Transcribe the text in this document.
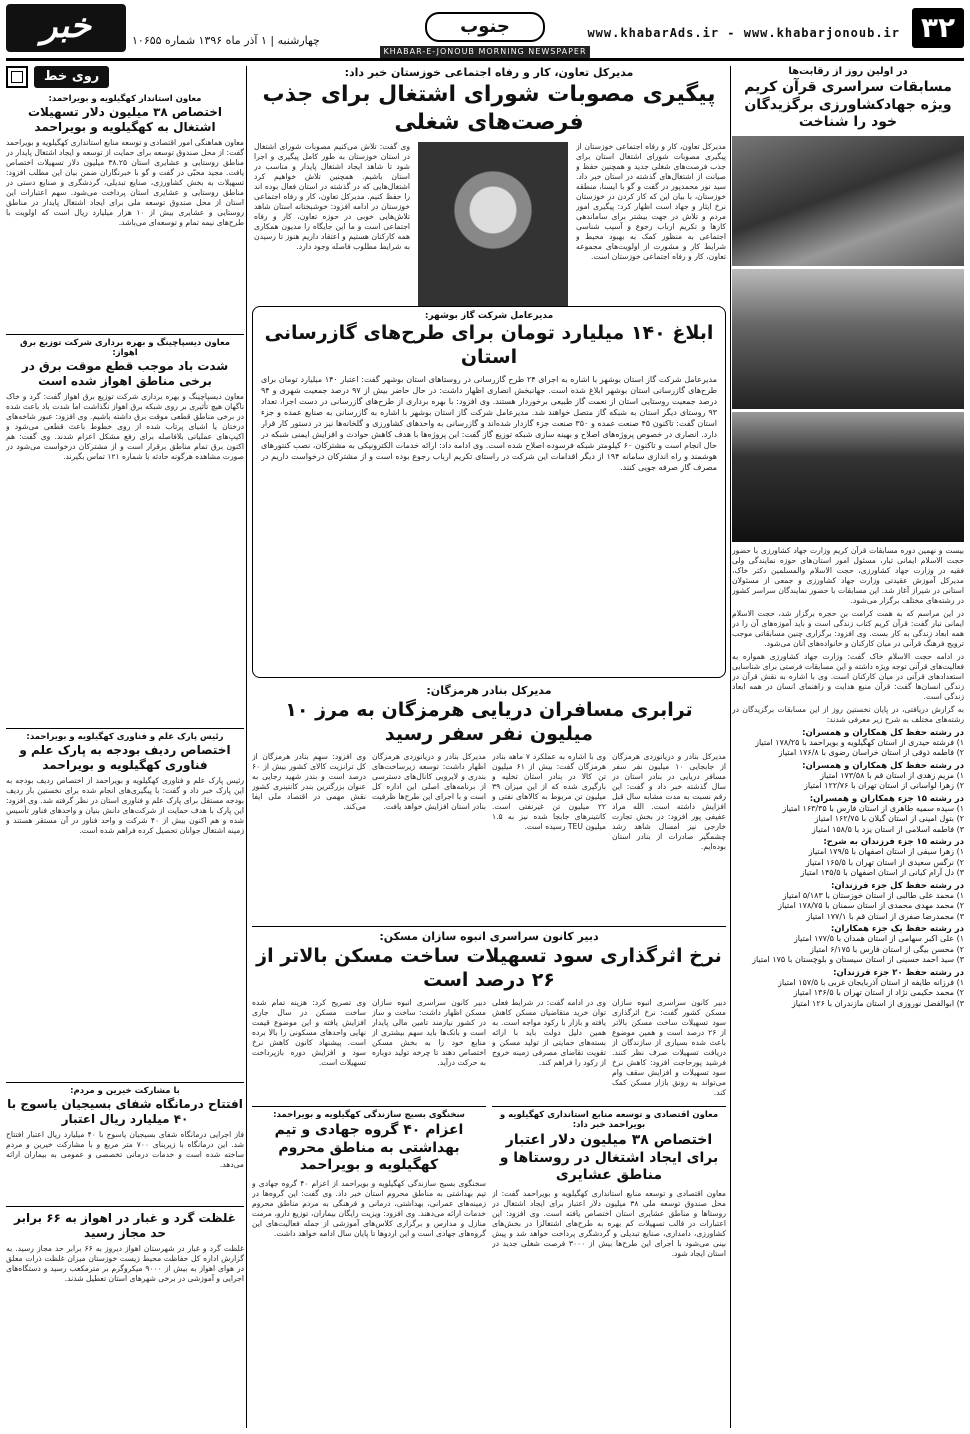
۳۲
www.khabarAds.ir - www.khabarjonoub.ir
جنوب
چهارشنبه | ۱ آذر ماه ۱۳۹۶ شماره ۱۰۶۵۵
خبر
KHABAR-E-JONOUB MORNING NEWSPAPER
در اولین روز از رقابت‌ها
مسابقات سراسری قرآن کریم ویژه جهادکشاورزی برگزیدگان خود را شناخت

بیست و نهمین دوره مسابقات قرآن کریم وزارت جهاد کشاورزی با حضور حجت الاسلام ایمانی تبار، مسئول امور استان‌های حوزه نمایندگی ولی فقیه در وزارت جهاد کشاورزی، حجت الاسلام والمسلمین دکتر خاک، مدیرکل آموزش عقیدتی وزارت جهاد کشاورزی و جمعی از مسئولان استانی در شیراز آغاز شد. این مسابقات با حضور نمایندگان سراسر کشور در رشته‌های مختلف برگزار می‌شود.

در این مراسم که به همت کرامت بن حجره برگزار شد، حجت الاسلام ایمانی تبار گفت: قرآن کریم کتاب زندگی است و باید آموزه‌های آن را در همه ابعاد زندگی به کار بست. وی افزود: برگزاری چنین مسابقاتی موجب ترویج فرهنگ قرآنی در میان کارکنان و خانواده‌های آنان می‌شود.

در ادامه حجت الاسلام خاک گفت: وزارت جهاد کشاورزی همواره به فعالیت‌های قرآنی توجه ویژه داشته و این مسابقات فرصتی برای شناسایی استعدادهای قرآنی در میان کارکنان است. وی با اشاره به نقش قرآن در زندگی انسان‌ها گفت: قرآن منبع هدایت و راهنمای انسان در همه ابعاد زندگی است.

به گزارش دریافتی، در پایان نخستین روز از این مسابقات برگزیدگان در رشته‌های مختلف به شرح زیر معرفی شدند:

در رشته حفظ کل همکاران و همسران:
۱) فرشته حیدری از استان کهگیلویه و بویراحمد با ۱۷۸/۲۵ امتیاز
۲) فاطمه ذوقی از استان خراسان رضوی با ۱۷۶/۸ امتیاز
در رشته حفظ کل همکاران و همسران:
۱) مریم زهدی از استان قم با ۱۷۳/۵۸ امتیاز
۲) زهرا لواسانی از استان تهران با ۱۲۲/۷۶ امتیاز
در رشته ۱۵ جزء همکاران و همسران:
۱) سیده سمیه طاهری از استان فارس با ۱۶۳/۳۵ امتیاز
۲) بتول امینی از استان گیلان با ۱۶۲/۷۵ امتیاز
۳) فاطمه اسلامی از استان یزد با ۱۵۸/۵ امتیاز
در رشته ۱۵ جزء فرزندان به شرح:
۱) زهرا سیفی از استان اصفهان با ۱۷۹/۵ امتیاز
۲) نرگس سعیدی از استان تهران با ۱۶۵/۵ امتیاز
۳) دل آرام کیانی از استان اصفهان با ۱۴۵/۵ امتیاز
در رشته حفظ کل جزء فرزندان:
۱) محمد علی طالبی از استان خوزستان با ۵/۱۸۳ امتیاز
۲) محمد مهدی محمدی از استان سمنان با ۱۷۸/۷۵ امتیاز
۳) محمدرضا صفری از استان قم با ۱۷۷/۱ امتیاز
در رشته حفظ یک جزء همکاران:
۱) علی اکبر سهامی از استان همدان با ۱۷۷/۵ امتیاز
۲) محسن بیگی از استان فارس با ۶/۱۷۵ امتیاز
۳) سید احمد حسینی از استان سیستان و بلوچستان با ۱۷۵ امتیاز
در رشته حفظ ۲۰ جزء فرزندان:
۱) فرزانه طایفه از استان آذربایجان غربی با ۱۵۷/۵ امتیاز
۲) محمد حکیمی نژاد از استان تهران با ۱۳۶/۵ امتیاز
۳) ابوالفضل نوروزی از استان مازندران با ۱۲۶ امتیاز
مدیرکل تعاون، کار و رفاه اجتماعی خوزستان خبر داد:
پیگیری مصوبات شورای اشتغال برای جذب فرصت‌های شغلی
مدیرکل تعاون، کار و رفاه اجتماعی خوزستان از پیگیری مصوبات شورای اشتغال استان برای جذب فرصت‌های شغلی جدید و همچنین حفظ و صیانت از اشتغال‌های گذشته در استان خبر داد. سید نور محمدپور در گفت و گو با ایسنا، منطقه خوزستان، با بیان این که کار کردن در خوزستان نرخ ایثار و جهاد است اظهار کرد: پیگیری امور مردم و تلاش در جهت بیشتر برای ساماندهی کارها و تکریم ارباب رجوع و آسیب شناسی اجتماعی به منظور کمک به بهبود محیط و شرایط کار و مشورت از اولویت‌های مجموعه تعاون، کار و رفاه اجتماعی خوزستان است.
وی گفت: تلاش می‌کنیم مصوبات شورای اشتغال در استان خوزستان به طور کامل پیگیری و اجرا شود تا شاهد ایجاد اشتغال پایدار و مناسب در استان باشیم. همچنین تلاش خواهیم کرد اشتغال‌هایی که در گذشته در استان فعال بوده اند را حفظ کنیم. مدیرکل تعاون، کار و رفاه اجتماعی خوزستان در ادامه افزود: خوشبختانه استان شاهد تلاش‌هایی خوبی در حوزه تعاون، کار و رفاه اجتماعی است و ما این جایگاه را مدیون همکاری همه کارکنان هستیم و اعتقاد داریم هنوز تا رسیدن به شرایط مطلوب فاصله وجود دارد.
مدیرعامل شرکت گاز بوشهر:
ابلاغ ۱۴۰ میلیارد تومان برای طرح‌های گازرسانی استان
مدیرعامل شرکت گاز استان بوشهر با اشاره به اجرای ۲۴ طرح گازرسانی در روستاهای استان بوشهر گفت: اعتبار ۱۴۰ میلیارد تومان برای طرح‌های گازرسانی استان بوشهر ابلاغ شده است. جهانبخش انصاری اظهار داشت: در حال حاضر بیش از ۹۷ درصد جمعیت شهری و ۹۴ درصد جمعیت روستایی استان از نعمت گاز طبیعی برخوردار هستند. وی افزود: با بهره برداری از طرح‌های گازرسانی در دست اجرا، تعداد ۹۳ روستای دیگر استان به شبکه گاز متصل خواهند شد. مدیرعامل شرکت گاز استان بوشهر با اشاره به گازرسانی به صنایع عمده و جزء استان گفت: تاکنون ۴۵ صنعت عمده و ۳۵۰ صنعت جزء گازدار شده‌اند و گازرسانی به واحدهای کشاورزی و گلخانه‌ها نیز در دستور کار قرار دارد. انصاری در خصوص پروژه‌های اصلاح و بهینه سازی شبکه توزیع گاز گفت: این پروژه‌ها با هدف کاهش حوادث و افزایش ایمنی شبکه در حال انجام است و تاکنون ۶۰ کیلومتر شبکه فرسوده اصلاح شده است. وی ادامه داد: ارائه خدمات الکترونیکی به مشترکان، نصب کنتورهای هوشمند و راه اندازی سامانه ۱۹۴ از دیگر اقدامات این شرکت در راستای تکریم ارباب رجوع بوده است و از مشترکان درخواست داریم در مصرف گاز صرفه جویی کنند.
مدیرکل بنادر هرمزگان:
ترابری مسافران دریایی هرمزگان به مرز ۱۰ میلیون نفر سفر رسید
مدیرکل بنادر و دریانوردی هرمزگان از جابجایی ۱۰ میلیون نفر سفر مسافر دریایی در بنادر استان در سال گذشته خبر داد و گفت: این رقم نسبت به مدت مشابه سال قبل افزایش داشته است. الله مراد عفیفی پور افزود: در بخش تجارت خارجی نیز امسال شاهد رشد چشمگیر صادرات از بنادر استان بوده‌ایم.
وی با اشاره به عملکرد ۷ ماهه بنادر هرمزگان گفت: بیش از ۶۱ میلیون تن کالا در بنادر استان تخلیه و بارگیری شده که از این میزان ۳۹ میلیون تن مربوط به کالاهای نفتی و ۲۲ میلیون تن غیرنفتی است. کانتینرهای جابجا شده نیز به ۱.۵ میلیون TEU رسیده است.
مدیرکل بنادر و دریانوردی هرمزگان اظهار داشت: توسعه زیرساخت‌های بندری و لایروبی کانال‌های دسترسی از برنامه‌های اصلی این اداره کل است و با اجرای این طرح‌ها ظرفیت بنادر استان افزایش خواهد یافت.
وی افزود: سهم بنادر هرمزگان از کل ترانزیت کالای کشور بیش از ۶۰ درصد است و بندر شهید رجایی به عنوان بزرگترین بندر کانتینری کشور نقش مهمی در اقتصاد ملی ایفا می‌کند.
دبیر کانون سراسری انبوه سازان مسکن:
نرخ اثرگذاری سود تسهیلات ساخت مسکن بالاتر از ۲۶ درصد است
دبیر کانون سراسری انبوه سازان مسکن کشور گفت: نرخ اثرگذاری سود تسهیلات ساخت مسکن بالاتر از ۲۶ درصد است و همین موضوع باعث شده بسیاری از سازندگان از دریافت تسهیلات صرف نظر کنند. فرشید پورحاجت افزود: کاهش نرخ سود تسهیلات و افزایش سقف وام می‌تواند به رونق بازار مسکن کمک کند.
وی در ادامه گفت: در شرایط فعلی توان خرید متقاضیان مسکن کاهش یافته و بازار با رکود مواجه است. به همین دلیل دولت باید با ارائه بسته‌های حمایتی از تولید مسکن و تقویت تقاضای مصرفی زمینه خروج از رکود را فراهم کند.
دبیر کانون سراسری انبوه سازان مسکن اظهار داشت: ساخت و ساز در کشور نیازمند تامین مالی پایدار است و بانک‌ها باید سهم بیشتری از منابع خود را به بخش مسکن اختصاص دهند تا چرخه تولید دوباره به حرکت درآید.
وی تصریح کرد: هزینه تمام شده ساخت مسکن در سال جاری افزایش یافته و این موضوع قیمت نهایی واحدهای مسکونی را بالا برده است. پیشنهاد کانون کاهش نرخ سود و افزایش دوره بازپرداخت تسهیلات است.
معاون اقتصادی و توسعه منابع استانداری کهگیلویه و بویراحمد خبر داد:
اختصاص ۳۸ میلیون دلار اعتبار برای ایجاد اشتغال در روستاها و مناطق عشایری
معاون اقتصادی و توسعه منابع استانداری کهگیلویه و بویراحمد گفت: از محل صندوق توسعه ملی ۳۸ میلیون دلار اعتبار برای ایجاد اشتغال در روستاها و مناطق عشایری استان اختصاص یافته است. وی افزود: این اعتبارات در قالب تسهیلات کم بهره به طرح‌های اشتغالزا در بخش‌های کشاورزی، دامداری، صنایع تبدیلی و گردشگری پرداخت خواهد شد و پیش بینی می‌شود با اجرای این طرح‌ها بیش از ۳۰۰۰ فرصت شغلی جدید در استان ایجاد شود.
سخنگوی بسیج سازندگی کهگیلویه و بویراحمد:
اعزام ۴۰ گروه جهادی و تیم بهداشتی به مناطق محروم کهگیلویه و بویراحمد
سخنگوی بسیج سازندگی کهگیلویه و بویراحمد از اعزام ۴۰ گروه جهادی و تیم بهداشتی به مناطق محروم استان خبر داد. وی گفت: این گروه‌ها در زمینه‌های عمرانی، بهداشتی، درمانی و فرهنگی به مردم مناطق محروم خدمات ارائه می‌دهند. وی افزود: ویزیت رایگان بیماران، توزیع دارو، مرمت منازل و مدارس و برگزاری کلاس‌های آموزشی از جمله فعالیت‌های این گروه‌های جهادی است و این اردوها تا پایان سال ادامه خواهد داشت.
روی خط
معاون استاندار کهگیلویه و بویراحمد:
اختصاص ۳۸ میلیون دلار تسهیلات اشتغال به کهگیلویه و بویراحمد
معاون هماهنگی امور اقتصادی و توسعه منابع استانداری کهگیلویه و بویراحمد گفت: از محل صندوق توسعه برای حمایت از توسعه و ایجاد اشتغال پایدار در مناطق روستایی و عشایری استان ۳۸.۲۵ میلیون دلار تسهیلات اختصاص یافت. مجید محبّی در گفت و گو با خبرنگاران ضمن بیان این مطلب افزود: تسهیلات به بخش کشاورزی، صنایع تبدیلی، گردشگری و صنایع دستی در مناطق روستایی و عشایری استان پرداخت می‌شود. سهم اعتبارات این استان از محل صندوق توسعه ملی برای ایجاد اشتغال پایدار در مناطق روستایی و عشایری بیش از ۱۰ هزار میلیارد ریال است که اولویت با طرح‌های نیمه تمام و توسعه‌ای می‌باشد.
معاون دیسپاچینگ و بهره برداری شرکت توزیع برق اهواز:
شدت باد موجب قطع موقت برق در برخی مناطق اهواز شده است
معاون دیسپاچینگ و بهره برداری شرکت توزیع برق اهواز گفت: گرد و خاک ناگهان هیچ تأثیری بر روی شبکه برق اهواز نگذاشت اما شدت باد باعث شده در برخی مناطق قطعی موقت برق داشته باشیم. وی افزود: عبور شاخه‌های درختان یا اشیای پرتاب شده از روی خطوط باعث قطعی می‌شود و اکیپ‌های عملیاتی بلافاصله برای رفع مشکل اعزام شدند. وی گفت: هم اکنون برق تمام مناطق برقرار است و از مشترکان درخواست می‌شود در صورت مشاهده هرگونه حادثه با شماره ۱۲۱ تماس بگیرند.
رئیس پارک علم و فناوری کهگیلویه و بویراحمد:
اختصاص ردیف بودجه به پارک علم و فناوری کهگیلویه و بویراحمد
رئیس پارک علم و فناوری کهگیلویه و بویراحمد از اختصاص ردیف بودجه به این پارک خبر داد و گفت: با پیگیری‌های انجام شده برای نخستین بار ردیف بودجه مستقل برای پارک علم و فناوری استان در نظر گرفته شد. وی افزود: این پارک با هدف حمایت از شرکت‌های دانش بنیان و واحدهای فناور تأسیس شده و هم اکنون بیش از ۴۰ شرکت و واحد فناور در آن مستقر هستند و زمینه اشتغال جوانان تحصیل کرده فراهم شده است.
با مشارکت خیرین و مردم:
افتتاح درمانگاه شفای بسیجیان یاسوج با ۴۰ میلیارد ریال اعتبار
فاز اجرایی درمانگاه شفای بسیجیان یاسوج با ۴۰ میلیارد ریال اعتبار افتتاح شد. این درمانگاه با زیربنای ۷۰۰ متر مربع و با مشارکت خیرین و مردم ساخته شده است و خدمات درمانی تخصصی و عمومی به بیماران ارائه می‌دهد.
غلظت گرد و غبار در اهواز به ۶۶ برابر حد مجاز رسید
غلظت گرد و غبار در شهرستان اهواز دیروز به ۶۶ برابر حد مجاز رسید. به گزارش اداره کل حفاظت محیط زیست خوزستان میزان غلظت ذرات معلق در هوای اهواز به بیش از ۹۰۰۰ میکروگرم بر مترمکعب رسید و دستگاه‌های اجرایی و آموزشی در برخی شهرهای استان تعطیل شدند.
